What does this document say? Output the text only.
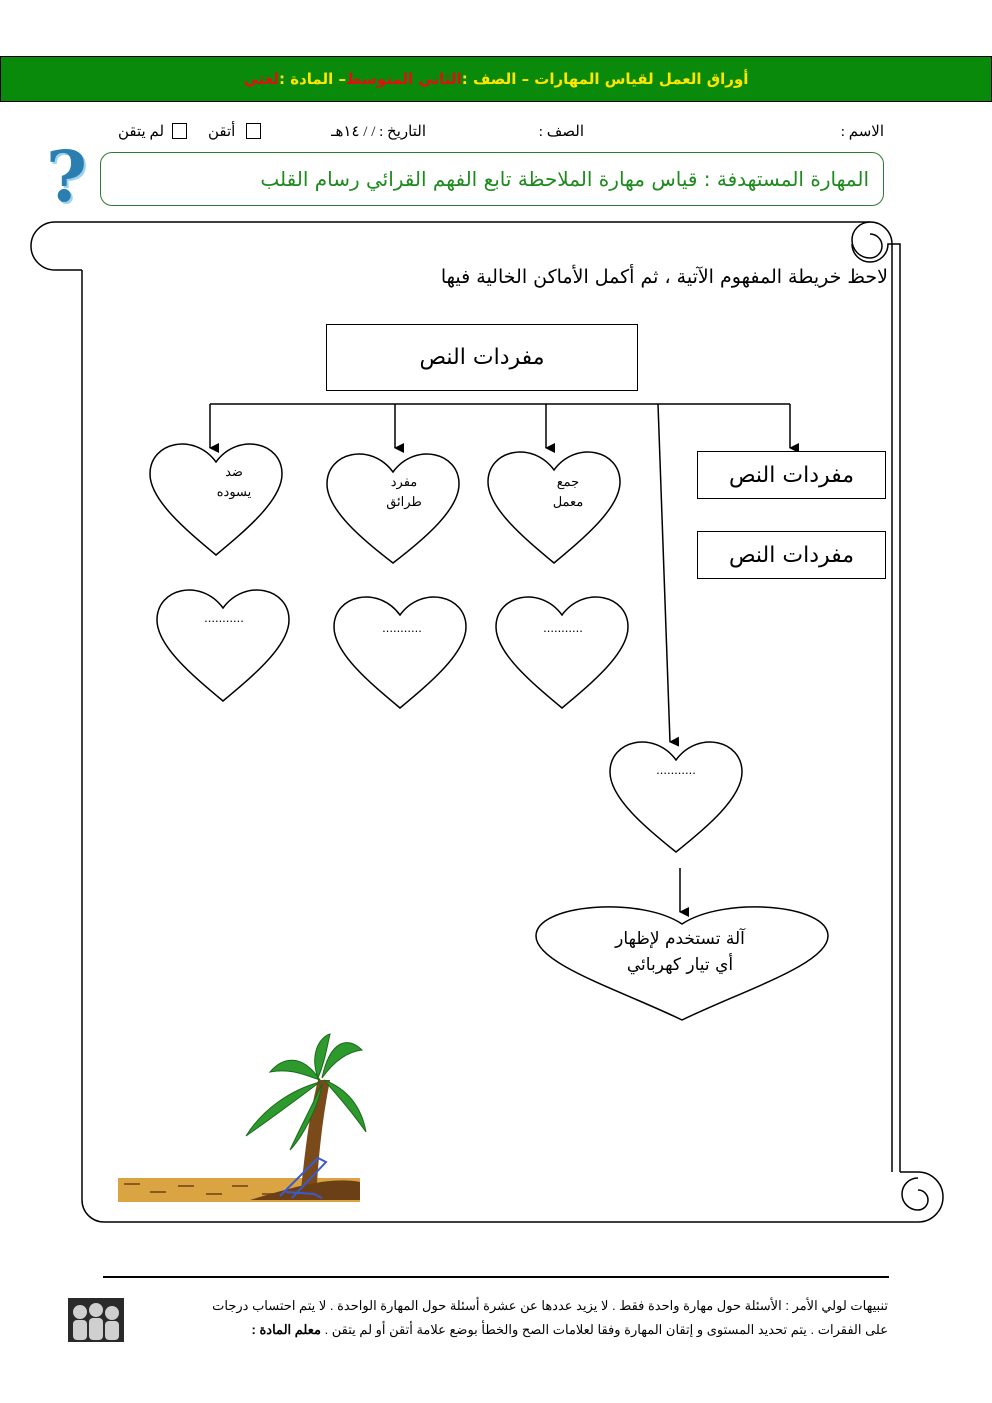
أوراق العمل لقياس المهارات – الصف :
الثاني المتوسط
– المادة :
لغتي
الاسم :
الصف :
التاريخ : / / ١٤هـ
أتقن
لم يتقن
?	المهارة المستهدفة : قياس مهارة الملاحظة تابع الفهم القرائي رسام القلب
لاحظ خريطة المفهوم الآتية ، ثم أكمل الأماكن الخالية فيها
مفردات النص
مفردات النص
مفردات النص
ضد
يسوده
مفرد
طرائق
جمع
معمل
...........
...........	...........
...........
آلة تستخدم لإظهار
أي تيار كهربائي
تنبيهات لولي الأمر : الأسئلة حول مهارة واحدة فقط . لا يزيد عددها عن عشرة أسئلة حول المهارة الواحدة . لا يتم احتساب درجات
على الفقرات . يتم تحديد المستوى و إتقان المهارة وفقا لعلامات الصح والخطأ بوضع علامة أتقن أو لم يتقن . معلم المادة :
